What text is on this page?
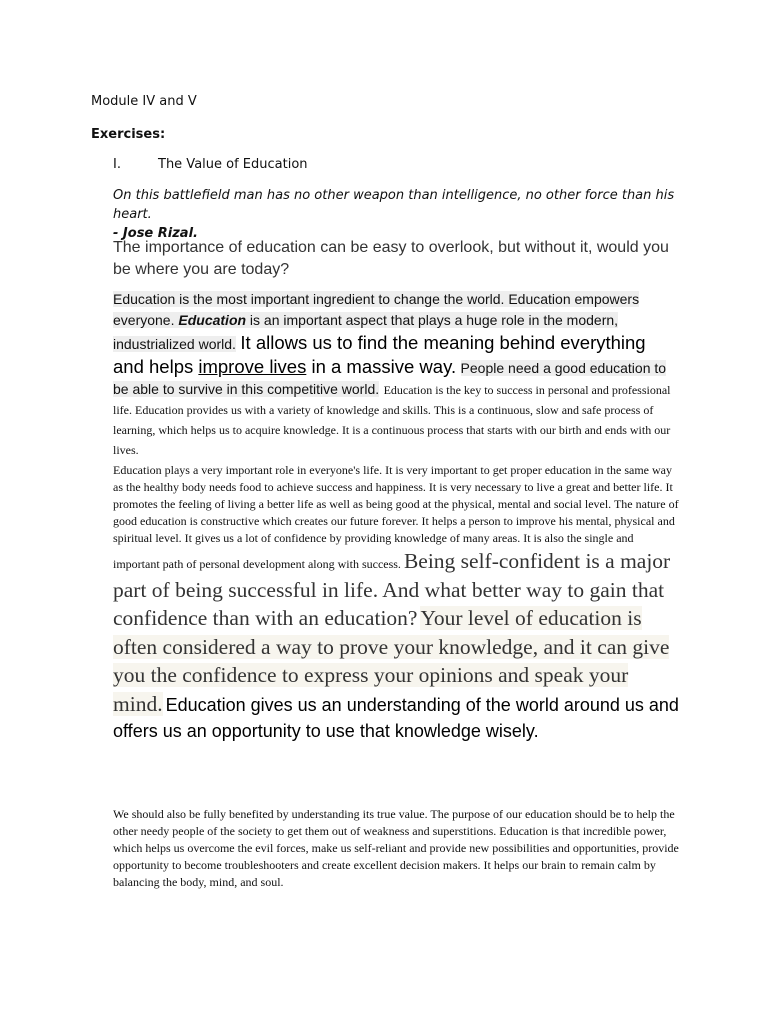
Module IV and V
Exercises:
I.	The Value of Education
On this battlefield man has no other weapon than intelligence, no other force than his heart.
- Jose Rizal.
The importance of education can be easy to overlook, but without it, would you be where you are today?
Education is the most important ingredient to change the world. Education empowers everyone. Education is an important aspect that plays a huge role in the modern, industrialized world. It allows us to find the meaning behind everything and helps improve lives in a massive way. People need a good education to be able to survive in this competitive world. Education is the key to success in personal and professional life. Education provides us with a variety of knowledge and skills. This is a continuous, slow and safe process of learning, which helps us to acquire knowledge. It is a continuous process that starts with our birth and ends with our lives.
Education plays a very important role in everyone's life. It is very important to get proper education in the same way as the healthy body needs food to achieve success and happiness. It is very necessary to live a great and better life. It promotes the feeling of living a better life as well as being good at the physical, mental and social level. The nature of good education is constructive which creates our future forever. It helps a person to improve his mental, physical and spiritual level. It gives us a lot of confidence by providing knowledge of many areas. It is also the single and important path of personal development along with success. Being self-confident is a major part of being successful in life. And what better way to gain that confidence than with an education? Your level of education is often considered a way to prove your knowledge, and it can give you the confidence to express your opinions and speak your mind. Education gives us an understanding of the world around us and offers us an opportunity to use that knowledge wisely.
We should also be fully benefited by understanding its true value. The purpose of our education should be to help the other needy people of the society to get them out of weakness and superstitions. Education is that incredible power, which helps us overcome the evil forces, make us self-reliant and provide new possibilities and opportunities, provide opportunity to become troubleshooters and create excellent decision makers. It helps our brain to remain calm by balancing the body, mind, and soul.
